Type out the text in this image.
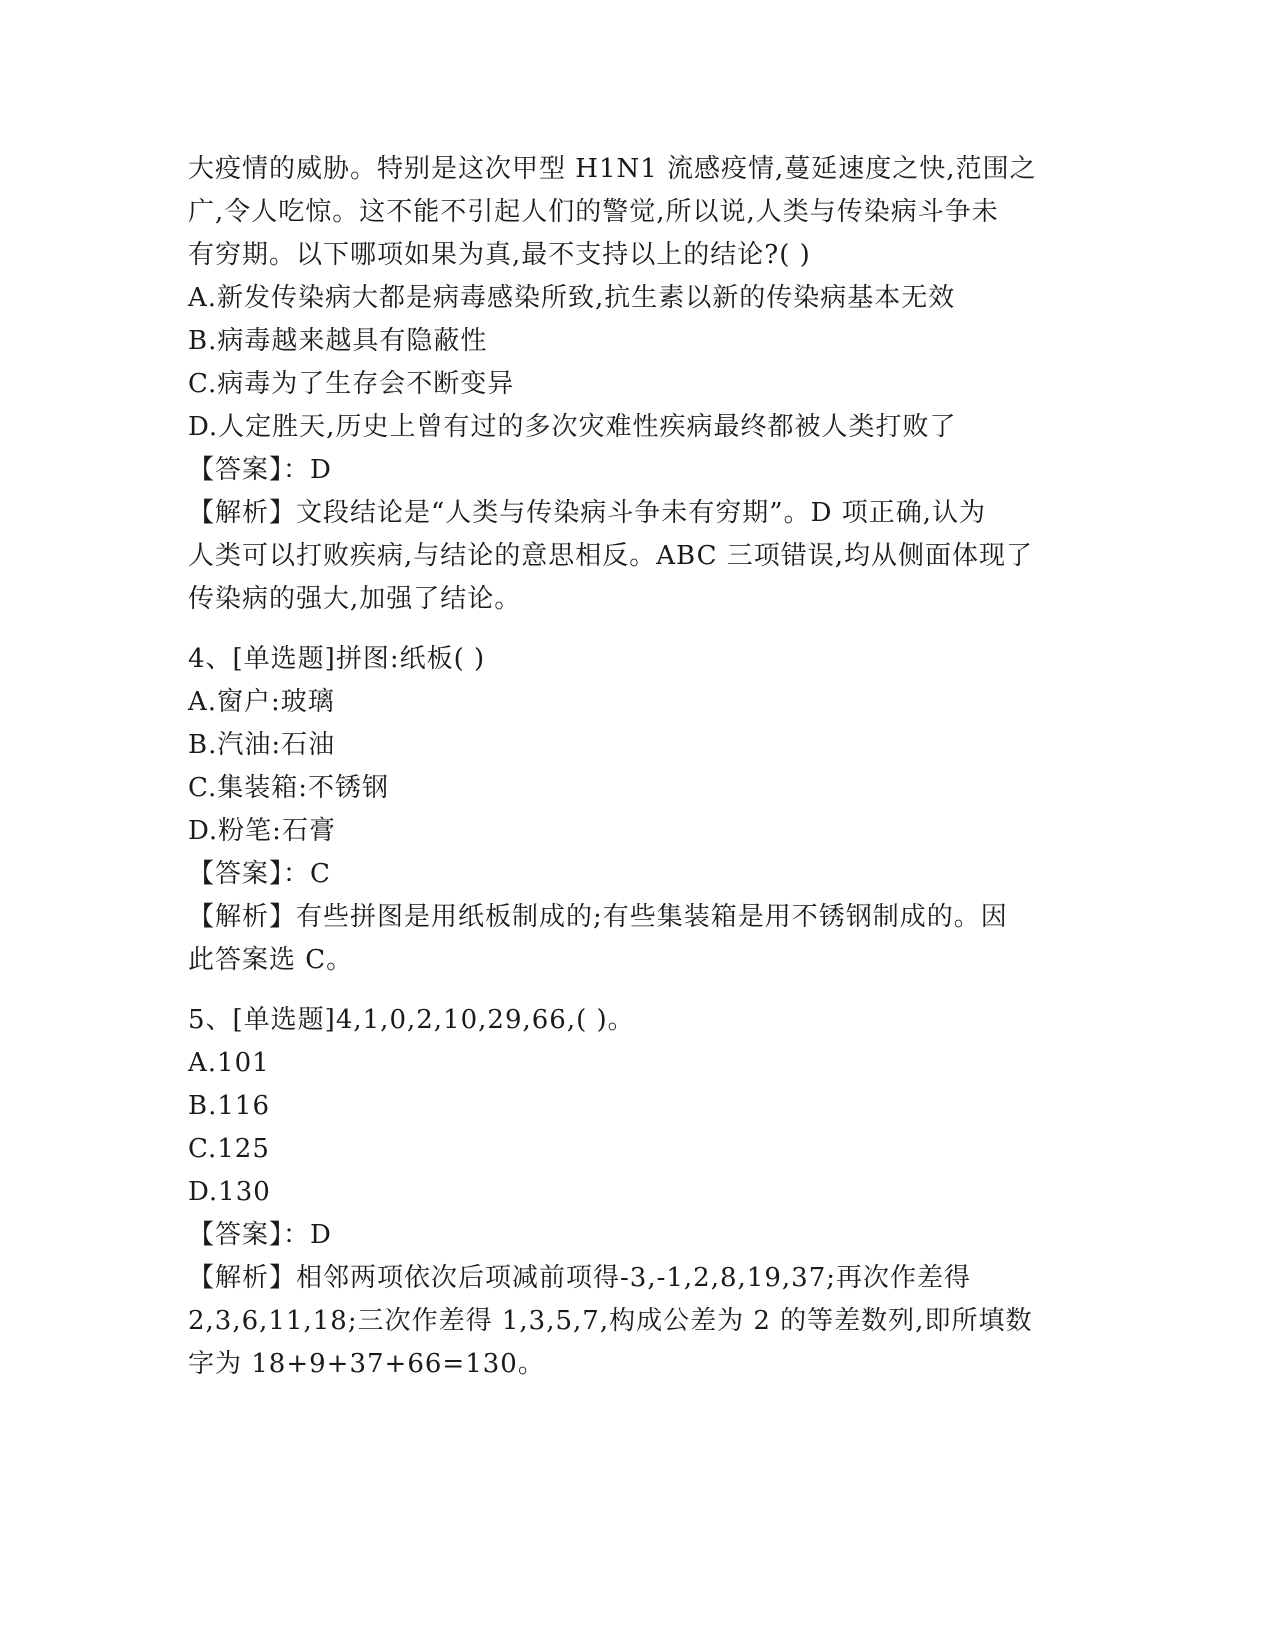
大疫情的威胁。特别是这次甲型 H1N1 流感疫情,蔓延速度之快,范围之
广,令人吃惊。这不能不引起人们的警觉,所以说,人类与传染病斗争未
有穷期。以下哪项如果为真,最不支持以上的结论?( )
A.新发传染病大都是病毒感染所致,抗生素以新的传染病基本无效
B.病毒越来越具有隐蔽性
C.病毒为了生存会不断变异
D.人定胜天,历史上曾有过的多次灾难性疾病最终都被人类打败了
【答案】：D
【解析】文段结论是“人类与传染病斗争未有穷期”。D 项正确,认为
人类可以打败疾病,与结论的意思相反。ABC 三项错误,均从侧面体现了
传染病的强大,加强了结论。
4、[单选题]拼图:纸板( )
A.窗户:玻璃
B.汽油:石油
C.集装箱:不锈钢
D.粉笔:石膏
【答案】：C
【解析】有些拼图是用纸板制成的;有些集装箱是用不锈钢制成的。因
此答案选 C。
5、[单选题]4,1,0,2,10,29,66,( )。
A.101
B.116
C.125
D.130
【答案】：D
【解析】相邻两项依次后项减前项得-3,-1,2,8,19,37;再次作差得
2,3,6,11,18;三次作差得 1,3,5,7,构成公差为 2 的等差数列,即所填数
字为 18+9+37+66=130。
